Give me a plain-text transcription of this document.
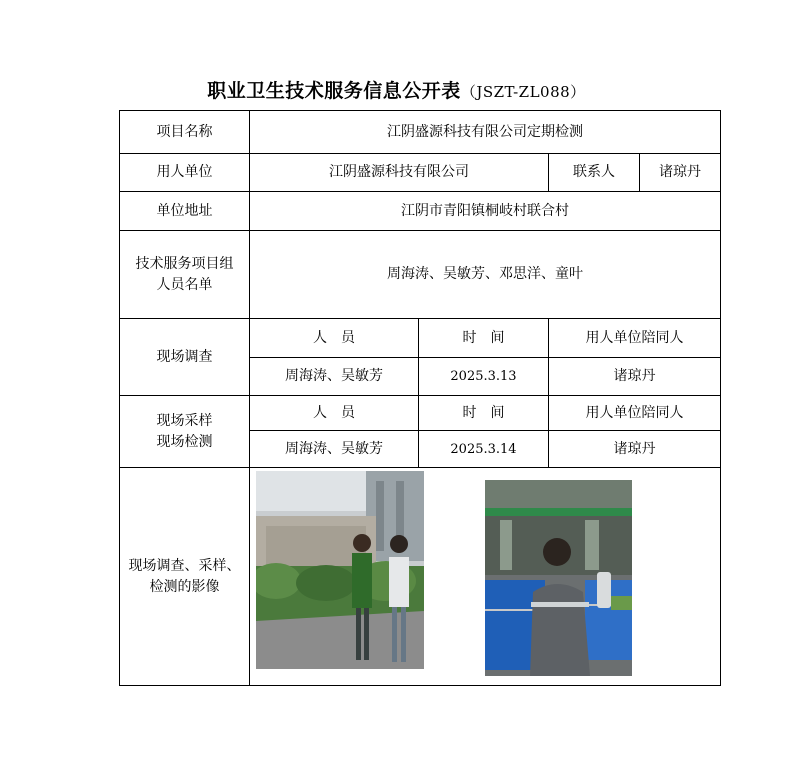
职业卫生技术服务信息公开表（JSZT-ZL088）
项目名称	江阴盛源科技有限公司定期检测			
用人单位	江阴盛源科技有限公司		联系人	诸琼丹
单位地址	江阴市青阳镇桐岐村联合村			
技术服务项目组人员名单	周海涛、吴敏芳、邓思洋、童叶			
现场调查	人　员	时　间	用人单位陪同人	
	周海涛、吴敏芳	2025.3.13	诸琼丹	
现场采样现场检测	人　员	时　间	用人单位陪同人	
	周海涛、吴敏芳	2025.3.14	诸琼丹	
现场调查、采样、检测的影像	
